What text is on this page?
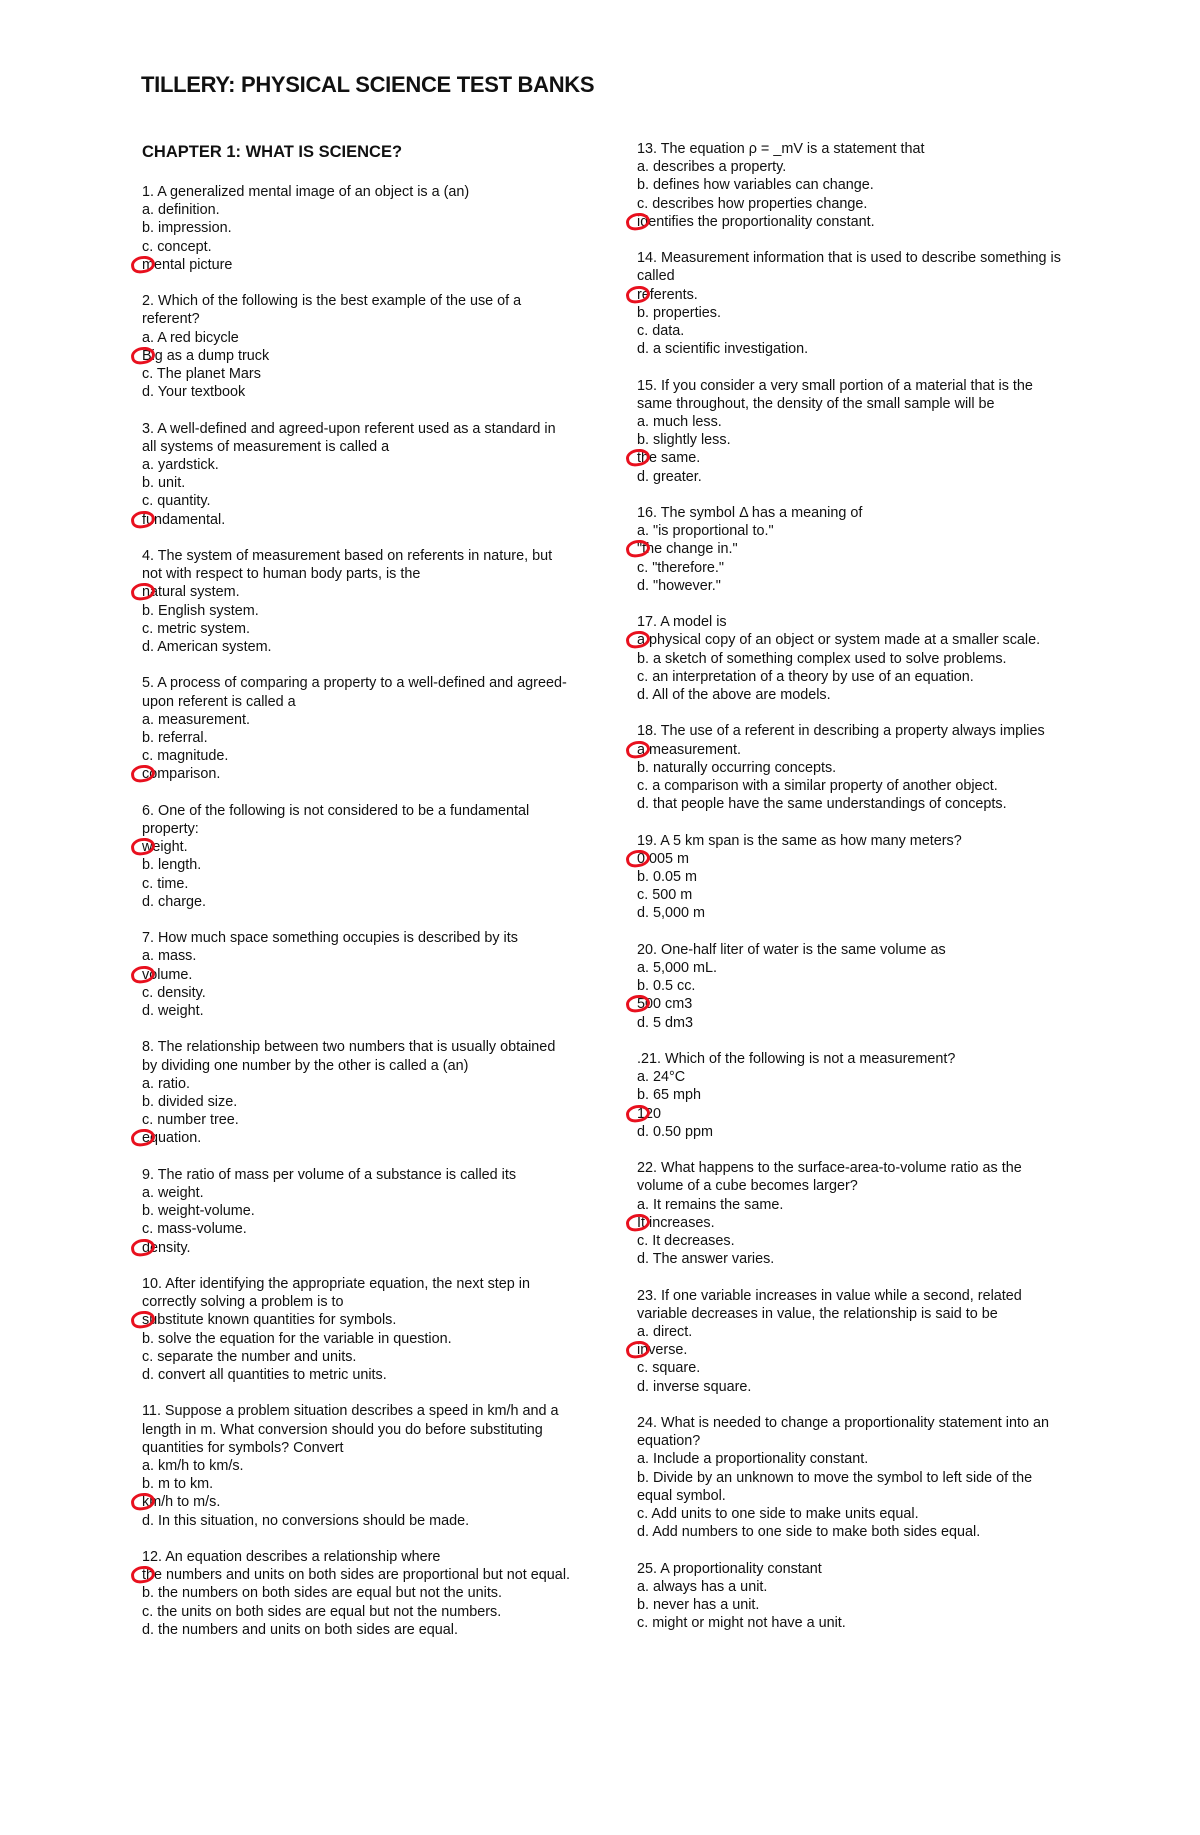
TILLERY: PHYSICAL SCIENCE TEST BANKS
CHAPTER 1: WHAT IS SCIENCE?
1. A generalized mental image of an object is a (an)
a. definition.
b. impression.
c. concept.
mental picture
2. Which of the following is the best example of the use of a referent?
a. A red bicycle
Big as a dump truck
c. The planet Mars
d. Your textbook
3. A well-defined and agreed-upon referent used as a standard in all systems of measurement is called a
a. yardstick.
b. unit.
c. quantity.
fundamental.
4. The system of measurement based on referents in nature, but not with respect to human body parts, is the
natural system.
b. English system.
c. metric system.
d. American system.
5. A process of comparing a property to a well-defined and agreed-upon referent is called a
a. measurement.
b. referral.
c. magnitude.
comparison.
6. One of the following is not considered to be a fundamental property:
weight.
b. length.
c. time.
d. charge.
7. How much space something occupies is described by its
a. mass.
volume.
c. density.
d. weight.
8. The relationship between two numbers that is usually obtained by dividing one number by the other is called a (an)
a. ratio.
b. divided size.
c. number tree.
equation.
9. The ratio of mass per volume of a substance is called its
a. weight.
b. weight-volume.
c. mass-volume.
density.
10. After identifying the appropriate equation, the next step in correctly solving a problem is to
substitute known quantities for symbols.
b. solve the equation for the variable in question.
c. separate the number and units.
d. convert all quantities to metric units.
11. Suppose a problem situation describes a speed in km/h and a length in m. What conversion should you do before substituting quantities for symbols? Convert
a. km/h to km/s.
b. m to km.
km/h to m/s.
d. In this situation, no conversions should be made.
12. An equation describes a relationship where
the numbers and units on both sides are proportional but not equal.
b. the numbers on both sides are equal but not the units.
c. the units on both sides are equal but not the numbers.
d. the numbers and units on both sides are equal.
13. The equation ρ = _mV is a statement that
a. describes a property.
b. defines how variables can change.
c. describes how properties change.
identifies the proportionality constant.
14. Measurement information that is used to describe something is called
referents.
b. properties.
c. data.
d. a scientific investigation.
15. If you consider a very small portion of a material that is the same throughout, the density of the small sample will be
a. much less.
b. slightly less.
the same.
d. greater.
16. The symbol Δ has a meaning of
a. "is proportional to."
"the change in."
c. "therefore."
d. "however."
17. A model is
a physical copy of an object or system made at a smaller scale.
b. a sketch of something complex used to solve problems.
c. an interpretation of a theory by use of an equation.
d. All of the above are models.
18. The use of a referent in describing a property always implies
a measurement.
b. naturally occurring concepts.
c. a comparison with a similar property of another object.
d. that people have the same understandings of concepts.
19. A 5 km span is the same as how many meters?
0.005 m
b. 0.05 m
c. 500 m
d. 5,000 m
20. One-half liter of water is the same volume as
a. 5,000 mL.
b. 0.5 cc.
500 cm3
d. 5 dm3
.21. Which of the following is not a measurement?
a. 24°C
b. 65 mph
120
d. 0.50 ppm
22. What happens to the surface-area-to-volume ratio as the volume of a cube becomes larger?
a. It remains the same.
It increases.
c. It decreases.
d. The answer varies.
23. If one variable increases in value while a second, related variable decreases in value, the relationship is said to be
a. direct.
inverse.
c. square.
d. inverse square.
24. What is needed to change a proportionality statement into an equation?
a. Include a proportionality constant.
b. Divide by an unknown to move the symbol to left side of the equal symbol.
c. Add units to one side to make units equal.
d. Add numbers to one side to make both sides equal.
25. A proportionality constant
a. always has a unit.
b. never has a unit.
c. might or might not have a unit.
